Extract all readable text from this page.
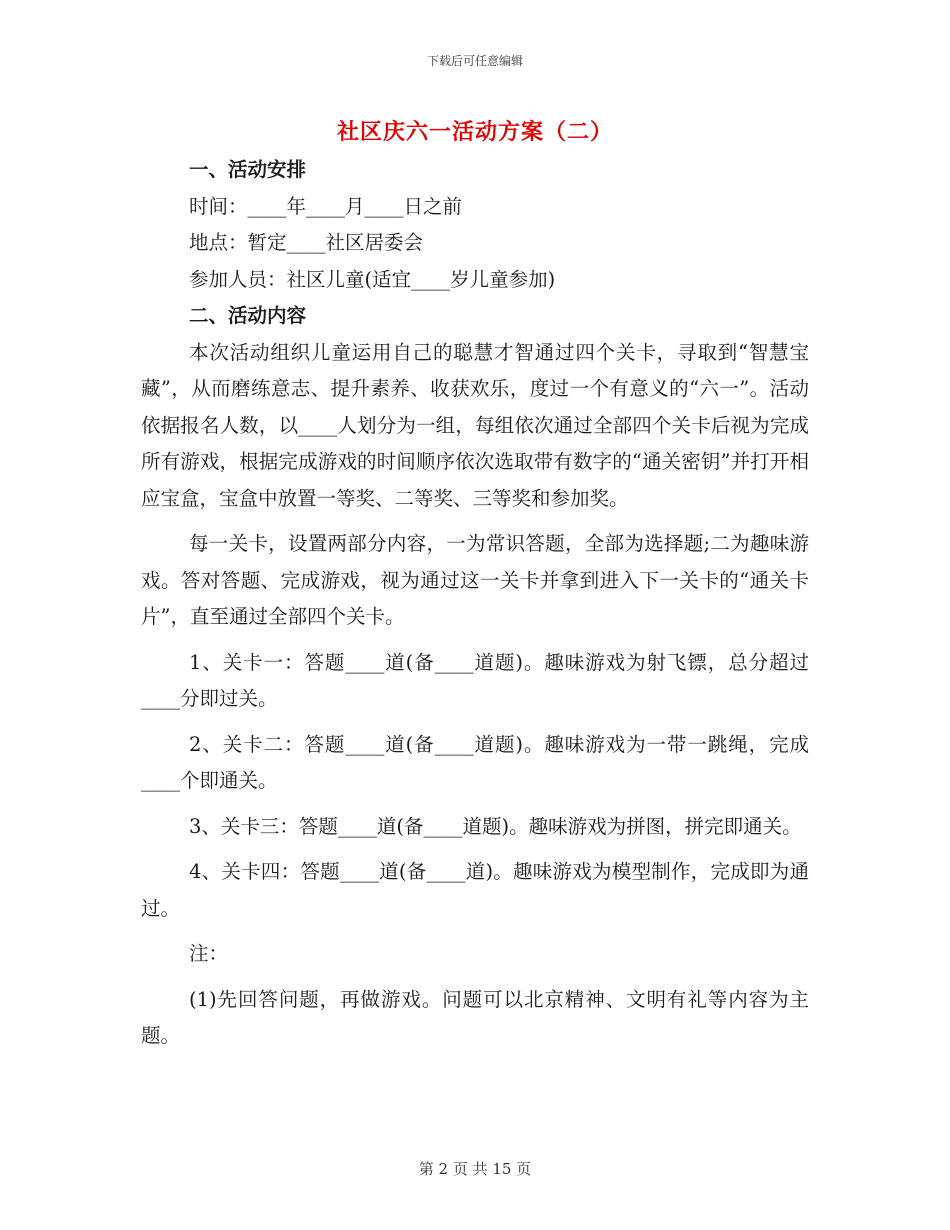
下载后可任意编辑
社区庆六一活动方案（二）

一、活动安排

时间：____年____月____日之前

地点：暂定____社区居委会

参加人员：社区儿童(适宜____岁儿童参加)

二、活动内容

本次活动组织儿童运用自己的聪慧才智通过四个关卡，寻取到“智慧宝藏”，从而磨练意志、提升素养、收获欢乐，度过一个有意义的“六一”。活动依据报名人数，以____人划分为一组，每组依次通过全部四个关卡后视为完成所有游戏，根据完成游戏的时间顺序依次选取带有数字的“通关密钥”并打开相应宝盒，宝盒中放置一等奖、二等奖、三等奖和参加奖。

每一关卡，设置两部分内容，一为常识答题，全部为选择题;二为趣味游戏。答对答题、完成游戏，视为通过这一关卡并拿到进入下一关卡的“通关卡片”，直至通过全部四个关卡。

1、关卡一：答题____道(备____道题)。趣味游戏为射飞镖，总分超过____分即过关。

2、关卡二：答题____道(备____道题)。趣味游戏为一带一跳绳，完成____个即通关。

3、关卡三：答题____道(备____道题)。趣味游戏为拼图，拼完即通关。

4、关卡四：答题____道(备____道)。趣味游戏为模型制作，完成即为通过。

注：

(1)先回答问题，再做游戏。问题可以北京精神、文明有礼等内容为主题。

第 2 页 共 15 页
